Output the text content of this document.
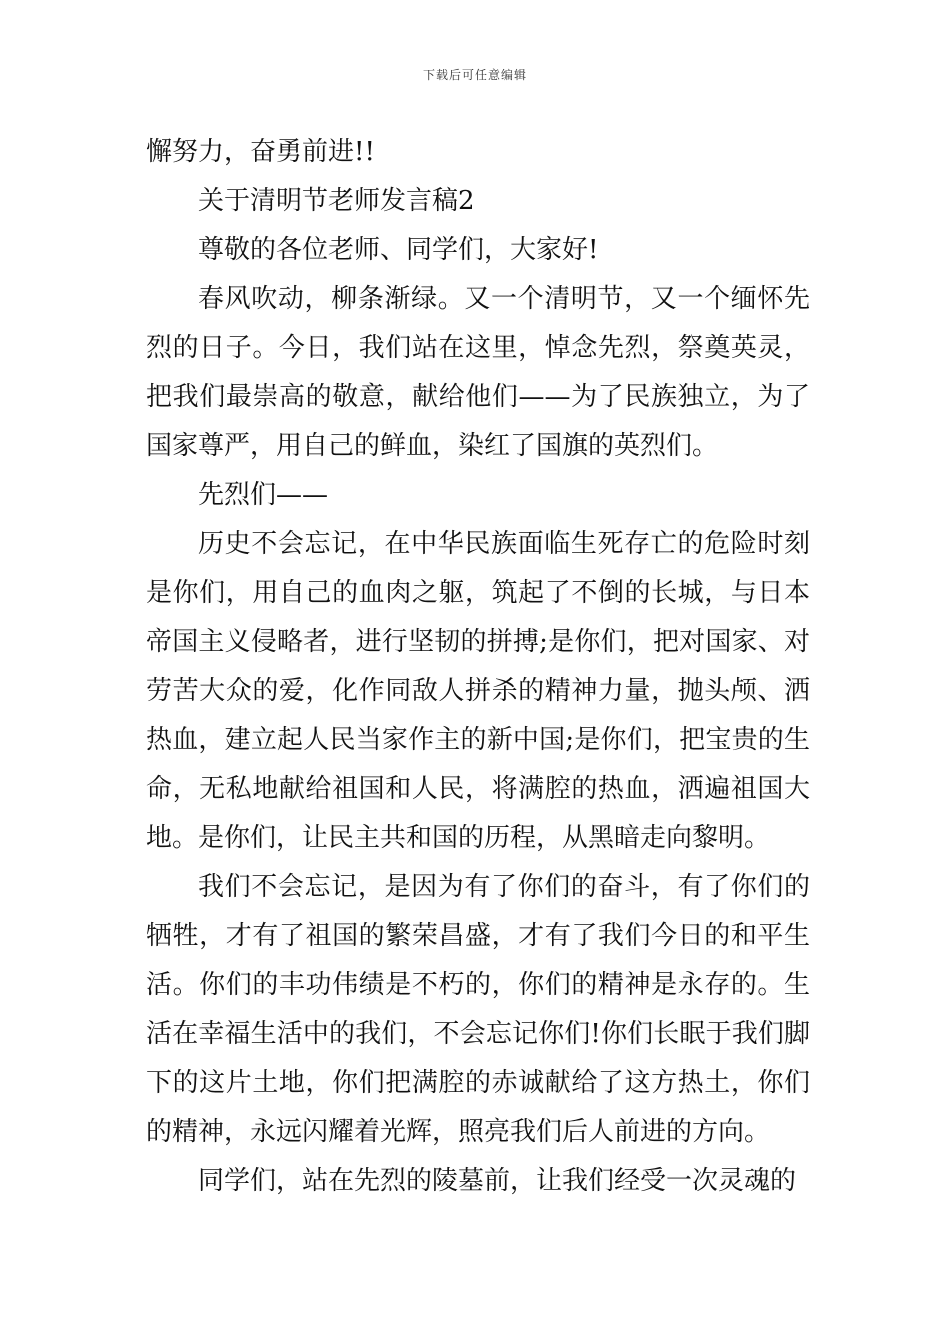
下载后可任意编辑

懈努力，奋勇前进!!

关于清明节老师发言稿2

尊敬的各位老师、同学们，大家好!

春风吹动，柳条渐绿。又一个清明节，又一个缅怀先烈的日子。今日，我们站在这里，悼念先烈，祭奠英灵，把我们最崇高的敬意，献给他们——为了民族独立，为了国家尊严，用自己的鲜血，染红了国旗的英烈们。

先烈们——

历史不会忘记，在中华民族面临生死存亡的危险时刻是你们，用自己的血肉之躯，筑起了不倒的长城，与日本帝国主义侵略者，进行坚韧的拼搏;是你们，把对国家、对劳苦大众的爱，化作同敌人拼杀的精神力量，抛头颅、洒热血，建立起人民当家作主的新中国;是你们，把宝贵的生命，无私地献给祖国和人民，将满腔的热血，洒遍祖国大地。是你们，让民主共和国的历程，从黑暗走向黎明。

我们不会忘记，是因为有了你们的奋斗，有了你们的牺牲，才有了祖国的繁荣昌盛，才有了我们今日的和平生活。你们的丰功伟绩是不朽的，你们的精神是永存的。生活在幸福生活中的我们，不会忘记你们!你们长眠于我们脚下的这片土地，你们把满腔的赤诚献给了这方热土，你们的精神，永远闪耀着光辉，照亮我们后人前进的方向。

同学们，站在先烈的陵墓前，让我们经受一次灵魂的
